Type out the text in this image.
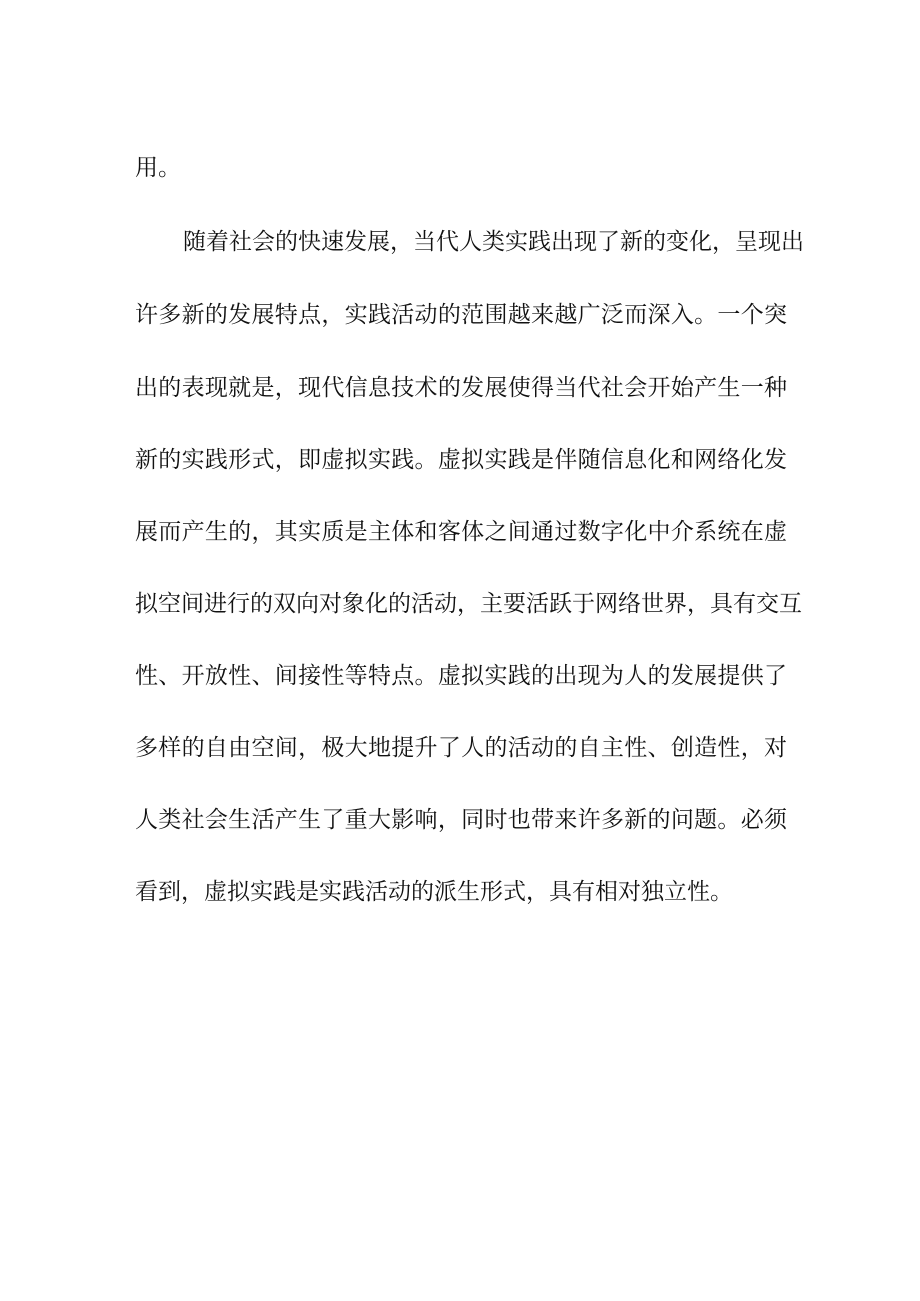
用。
随着社会的快速发展，当代人类实践出现了新的变化，呈现出
许多新的发展特点，实践活动的范围越来越广泛而深入。一个突
出的表现就是，现代信息技术的发展使得当代社会开始产生一种
新的实践形式，即虚拟实践。虚拟实践是伴随信息化和网络化发
展而产生的，其实质是主体和客体之间通过数字化中介系统在虚
拟空间进行的双向对象化的活动，主要活跃于网络世界，具有交互
性、开放性、间接性等特点。虚拟实践的出现为人的发展提供了
多样的自由空间，极大地提升了人的活动的自主性、创造性，对
人类社会生活产生了重大影响，同时也带来许多新的问题。必须
看到，虚拟实践是实践活动的派生形式，具有相对独立性。
